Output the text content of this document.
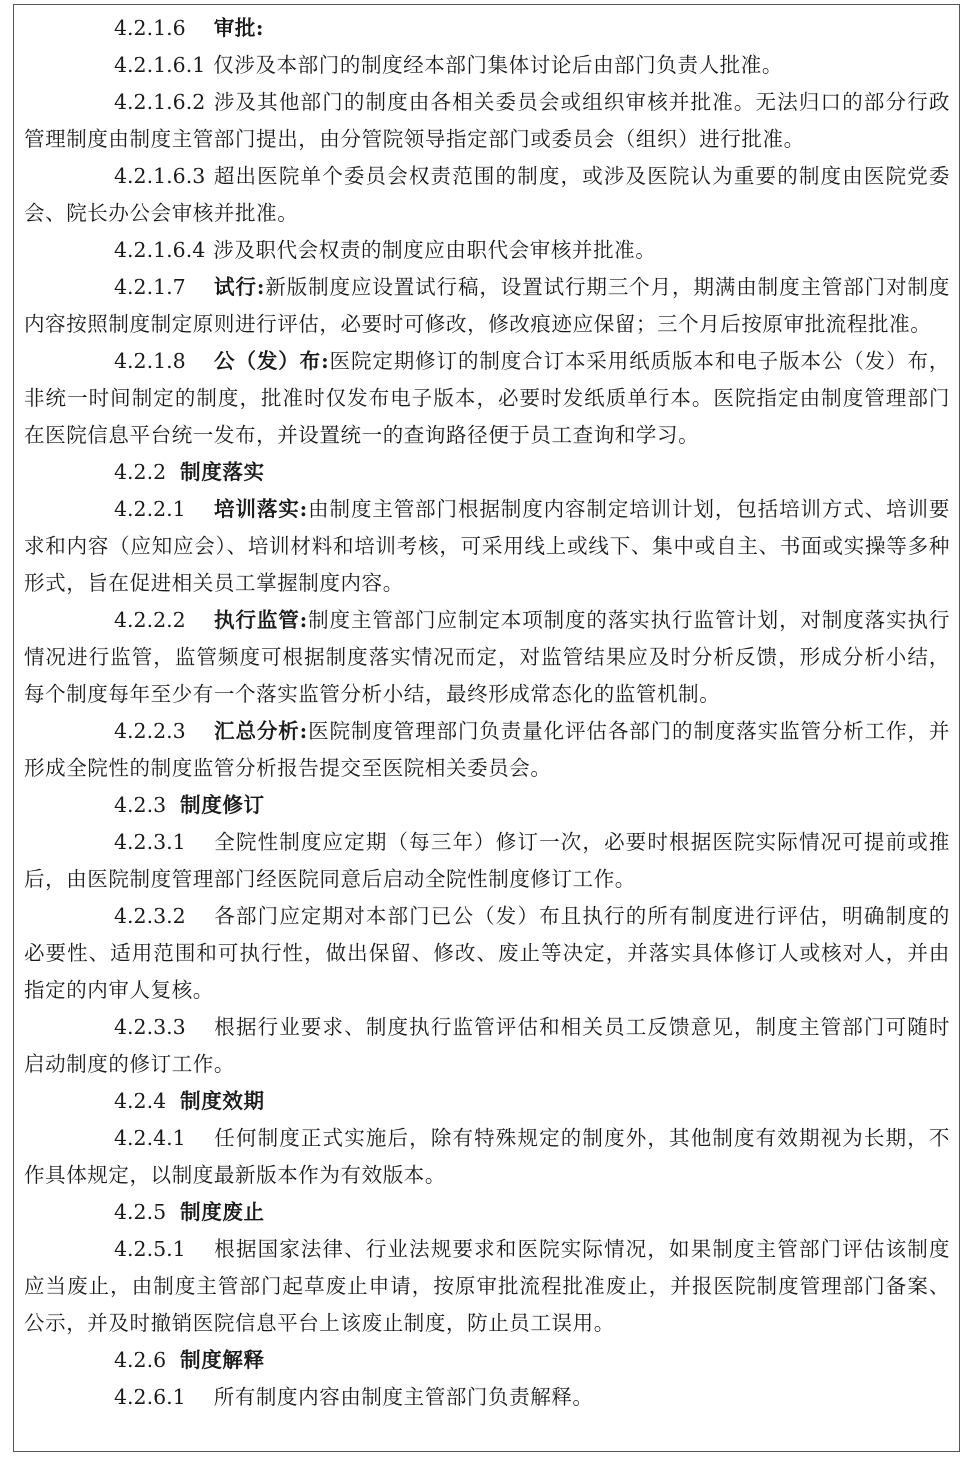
4.2.1.6 审批:

4.2.1.6.1 仅涉及本部门的制度经本部门集体讨论后由部门负责人批准。

4.2.1.6.2 涉及其他部门的制度由各相关委员会或组织审核并批准。无法归口的部分行政管理制度由制度主管部门提出，由分管院领导指定部门或委员会（组织）进行批准。

4.2.1.6.3 超出医院单个委员会权责范围的制度，或涉及医院认为重要的制度由医院党委会、院长办公会审核并批准。

4.2.1.6.4 涉及职代会权责的制度应由职代会审核并批准。

4.2.1.7 试行:新版制度应设置试行稿，设置试行期三个月，期满由制度主管部门对制度内容按照制度制定原则进行评估，必要时可修改，修改痕迹应保留；三个月后按原审批流程批准。

4.2.1.8 公（发）布:医院定期修订的制度合订本采用纸质版本和电子版本公（发）布，非统一时间制定的制度，批准时仅发布电子版本，必要时发纸质单行本。医院指定由制度管理部门在医院信息平台统一发布，并设置统一的查询路径便于员工查询和学习。

4.2.2 制度落实

4.2.2.1 培训落实:由制度主管部门根据制度内容制定培训计划，包括培训方式、培训要求和内容（应知应会）、培训材料和培训考核，可采用线上或线下、集中或自主、书面或实操等多种形式，旨在促进相关员工掌握制度内容。

4.2.2.2 执行监管:制度主管部门应制定本项制度的落实执行监管计划，对制度落实执行情况进行监管，监管频度可根据制度落实情况而定，对监管结果应及时分析反馈，形成分析小结，每个制度每年至少有一个落实监管分析小结，最终形成常态化的监管机制。

4.2.2.3 汇总分析:医院制度管理部门负责量化评估各部门的制度落实监管分析工作，并形成全院性的制度监管分析报告提交至医院相关委员会。

4.2.3 制度修订

4.2.3.1 全院性制度应定期（每三年）修订一次，必要时根据医院实际情况可提前或推后，由医院制度管理部门经医院同意后启动全院性制度修订工作。

4.2.3.2 各部门应定期对本部门已公（发）布且执行的所有制度进行评估，明确制度的必要性、适用范围和可执行性，做出保留、修改、废止等决定，并落实具体修订人或核对人，并由指定的内审人复核。

4.2.3.3 根据行业要求、制度执行监管评估和相关员工反馈意见，制度主管部门可随时启动制度的修订工作。

4.2.4 制度效期

4.2.4.1 任何制度正式实施后，除有特殊规定的制度外，其他制度有效期视为长期，不作具体规定，以制度最新版本作为有效版本。

4.2.5 制度废止

4.2.5.1 根据国家法律、行业法规要求和医院实际情况，如果制度主管部门评估该制度应当废止，由制度主管部门起草废止申请，按原审批流程批准废止，并报医院制度管理部门备案、公示，并及时撤销医院信息平台上该废止制度，防止员工误用。

4.2.6 制度解释

4.2.6.1 所有制度内容由制度主管部门负责解释。
